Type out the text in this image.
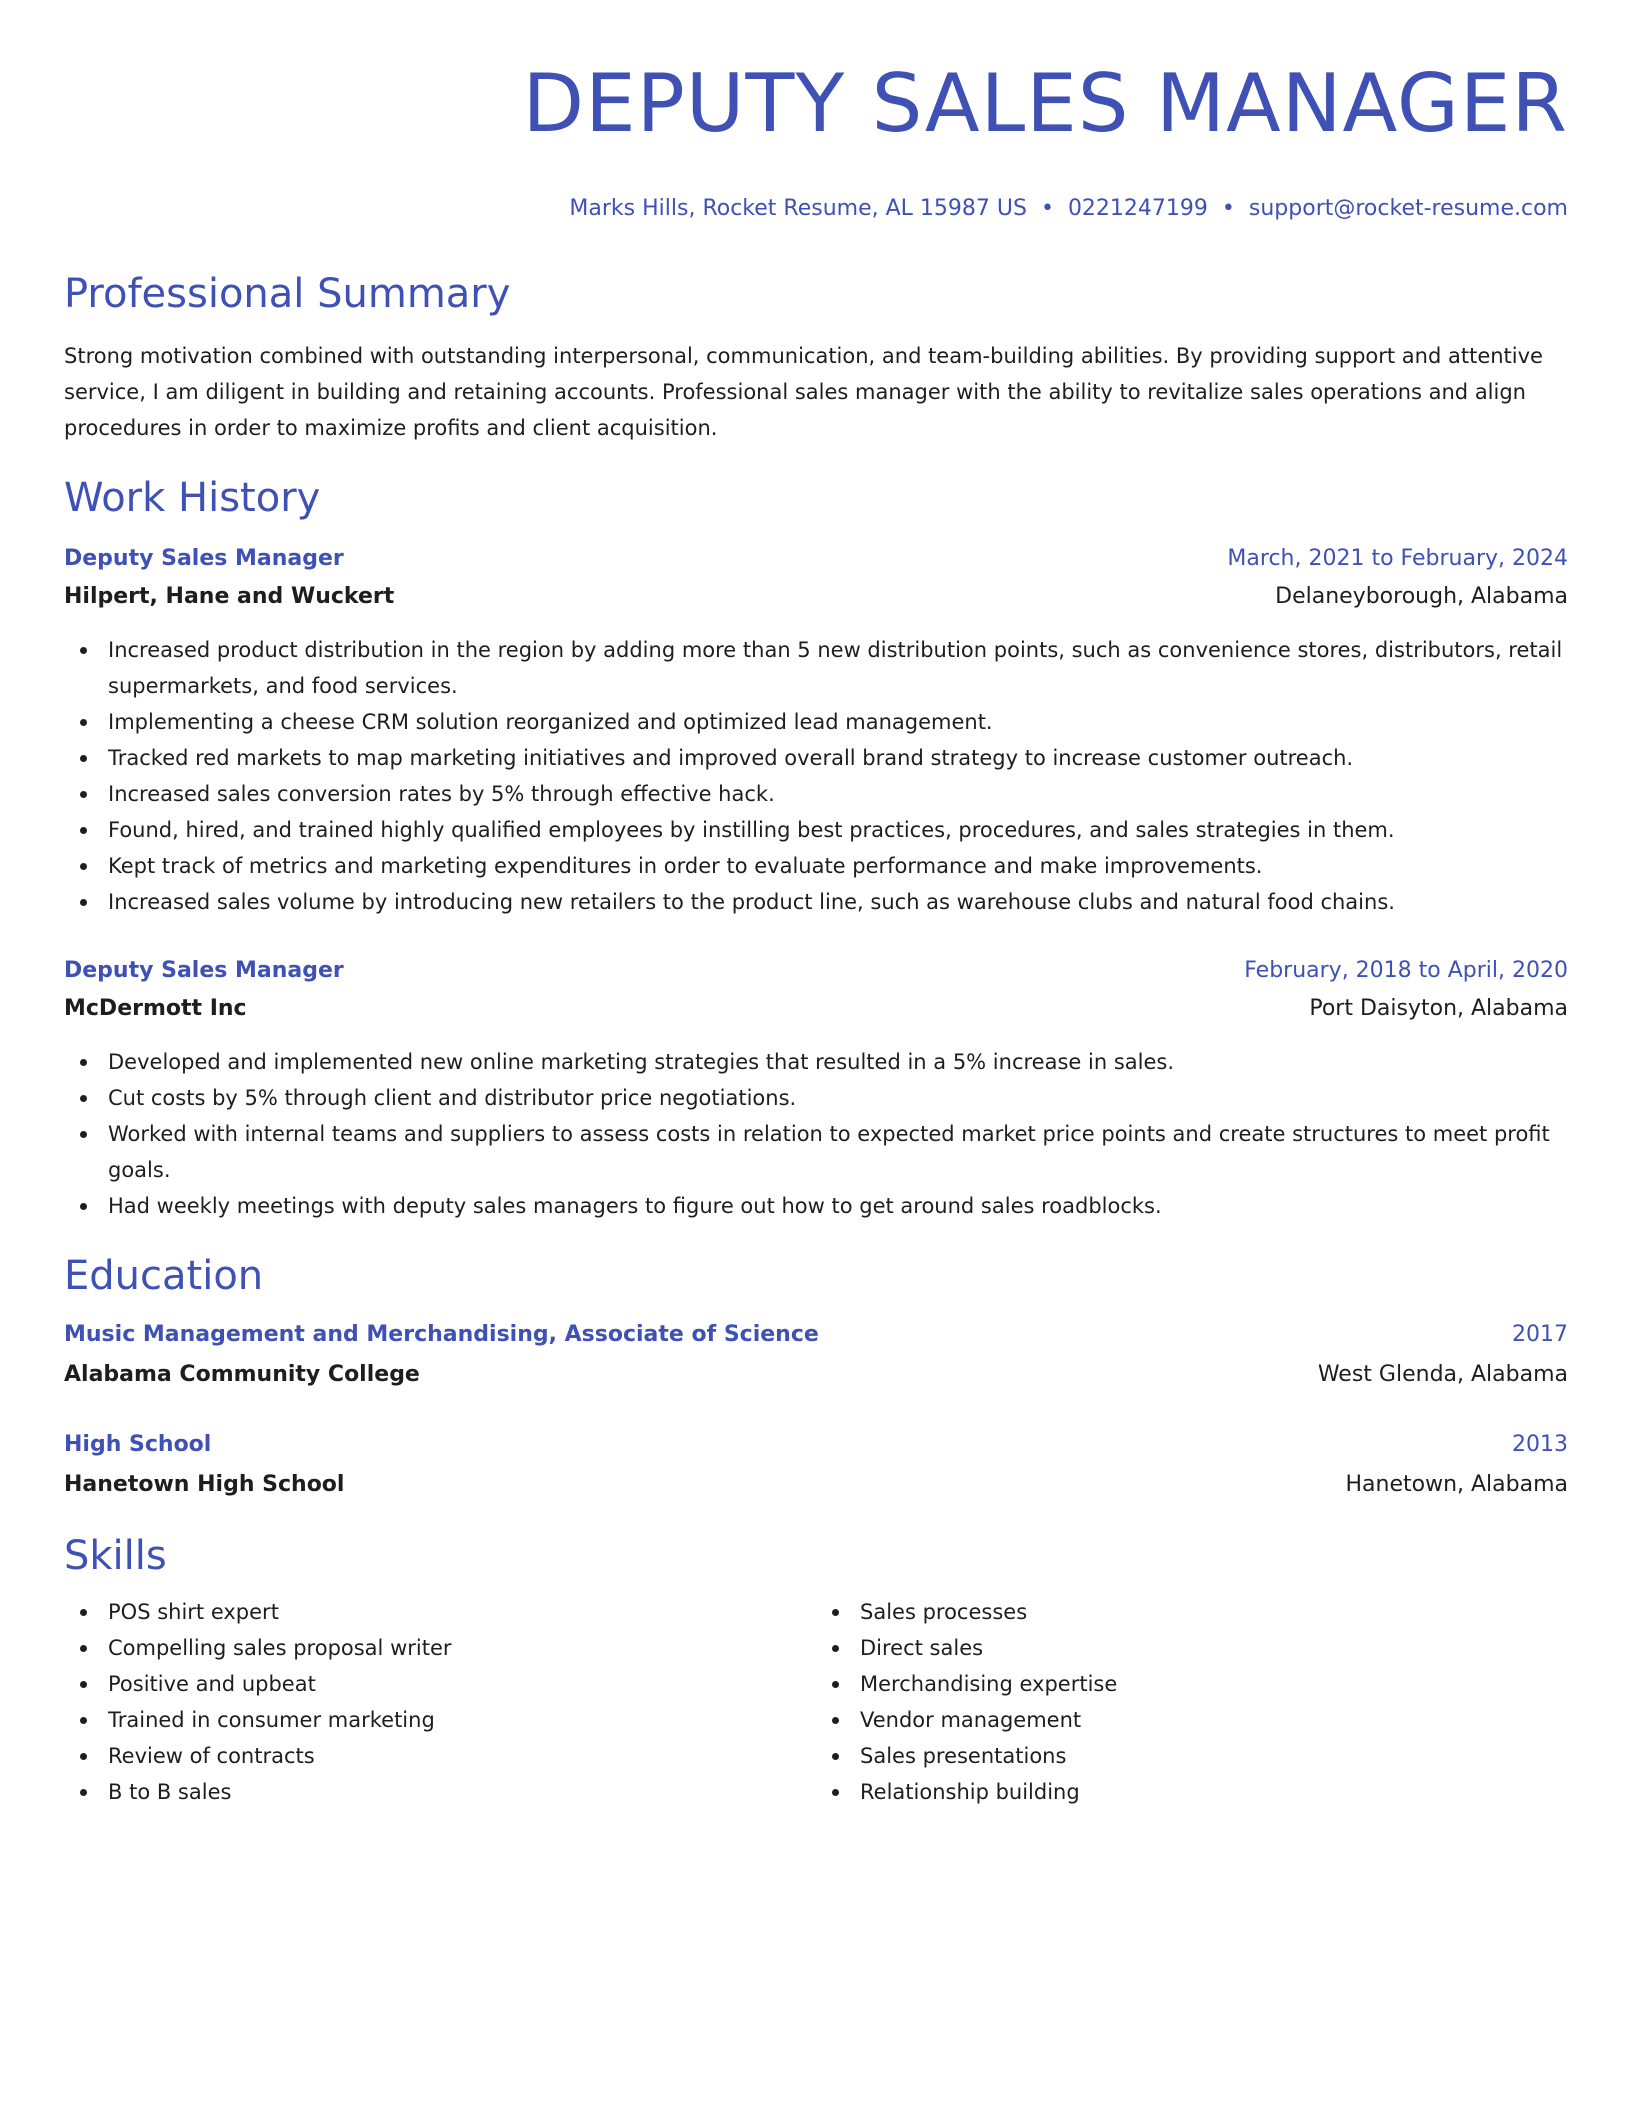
DEPUTY SALES MANAGER
Marks Hills, Rocket Resume, AL 15987 US • 0221247199 • support@rocket-resume.com
Professional Summary
Strong motivation combined with outstanding interpersonal, communication, and team-building abilities. By providing support and attentive service, I am diligent in building and retaining accounts. Professional sales manager with the ability to revitalize sales operations and align procedures in order to maximize profits and client acquisition.
Work History
Deputy Sales Manager	March, 2021 to February, 2024
Hilpert, Hane and Wuckert	Delaneyborough, Alabama
Increased product distribution in the region by adding more than 5 new distribution points, such as convenience stores, distributors, retail supermarkets, and food services.
Implementing a cheese CRM solution reorganized and optimized lead management.
Tracked red markets to map marketing initiatives and improved overall brand strategy to increase customer outreach.
Increased sales conversion rates by 5% through effective hack.
Found, hired, and trained highly qualified employees by instilling best practices, procedures, and sales strategies in them.
Kept track of metrics and marketing expenditures in order to evaluate performance and make improvements.
Increased sales volume by introducing new retailers to the product line, such as warehouse clubs and natural food chains.
Deputy Sales Manager	February, 2018 to April, 2020
McDermott Inc	Port Daisyton, Alabama
Developed and implemented new online marketing strategies that resulted in a 5% increase in sales.
Cut costs by 5% through client and distributor price negotiations.
Worked with internal teams and suppliers to assess costs in relation to expected market price points and create structures to meet profit goals.
Had weekly meetings with deputy sales managers to figure out how to get around sales roadblocks.
Education
Music Management and Merchandising, Associate of Science	2017
Alabama Community College	West Glenda, Alabama
High School	2013
Hanetown High School	Hanetown, Alabama
Skills
POS shirt expert
Compelling sales proposal writer
Positive and upbeat
Trained in consumer marketing
Review of contracts
B to B sales
Sales processes
Direct sales
Merchandising expertise
Vendor management
Sales presentations
Relationship building
